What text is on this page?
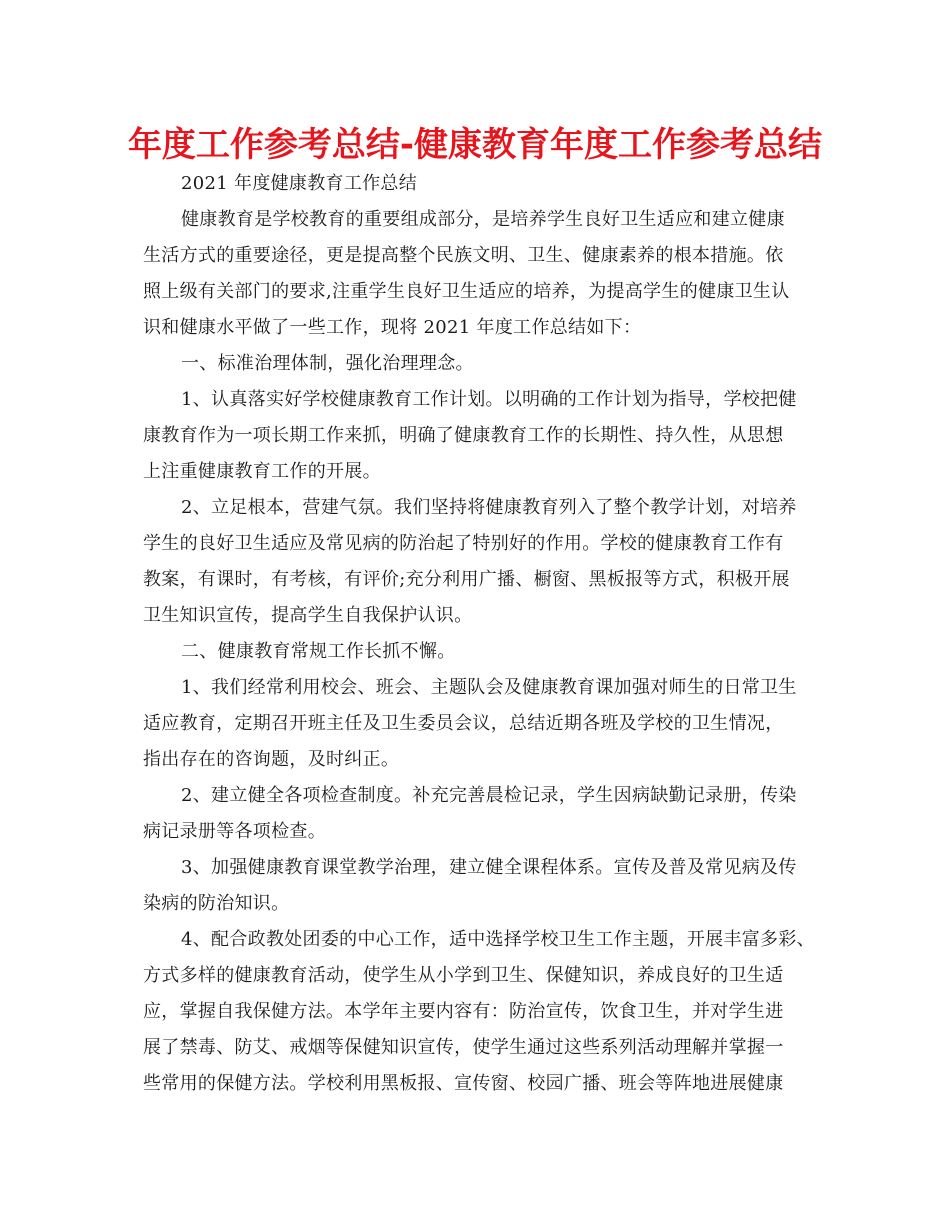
年度工作参考总结-健康教育年度工作参考总结
2021 年度健康教育工作总结
健康教育是学校教育的重要组成部分，是培养学生良好卫生适应和建立健康
生活方式的重要途径，更是提高整个民族文明、卫生、健康素养的根本措施。依
照上级有关部门的要求,注重学生良好卫生适应的培养，为提高学生的健康卫生认
识和健康水平做了一些工作，现将 2021 年度工作总结如下：
一、标准治理体制，强化治理理念。
1、认真落实好学校健康教育工作计划。以明确的工作计划为指导，学校把健
康教育作为一项长期工作来抓，明确了健康教育工作的长期性、持久性，从思想
上注重健康教育工作的开展。
2、立足根本，营建气氛。我们坚持将健康教育列入了整个教学计划，对培养
学生的良好卫生适应及常见病的防治起了特别好的作用。学校的健康教育工作有
教案，有课时，有考核，有评价;充分利用广播、橱窗、黑板报等方式，积极开展
卫生知识宣传，提高学生自我保护认识。
二、健康教育常规工作长抓不懈。
1、我们经常利用校会、班会、主题队会及健康教育课加强对师生的日常卫生
适应教育，定期召开班主任及卫生委员会议，总结近期各班及学校的卫生情况，
指出存在的咨询题，及时纠正。
2、建立健全各项检查制度。补充完善晨检记录，学生因病缺勤记录册，传染
病记录册等各项检查。
3、加强健康教育课堂教学治理，建立健全课程体系。宣传及普及常见病及传
染病的防治知识。
4、配合政教处团委的中心工作，适中选择学校卫生工作主题，开展丰富多彩、
方式多样的健康教育活动，使学生从小学到卫生、保健知识，养成良好的卫生适
应，掌握自我保健方法。本学年主要内容有：防治宣传，饮食卫生，并对学生进
展了禁毒、防艾、戒烟等保健知识宣传，使学生通过这些系列活动理解并掌握一
些常用的保健方法。学校利用黑板报、宣传窗、校园广播、班会等阵地进展健康
